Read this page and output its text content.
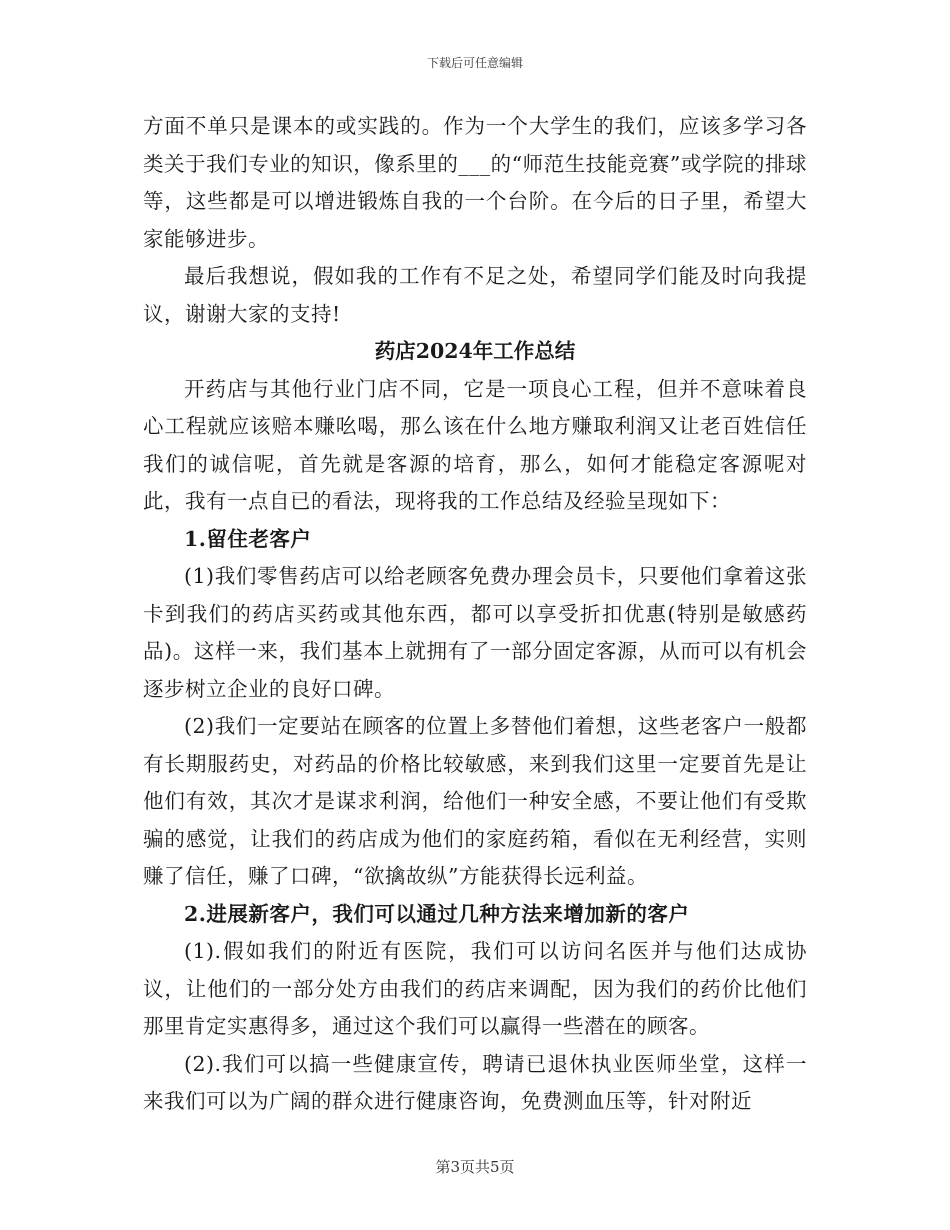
下载后可任意编辑

方面不单只是课本的或实践的。作为一个大学生的我们，应该多学习各类关于我们专业的知识，像系里的___的“师范生技能竞赛”或学院的排球等，这些都是可以增进锻炼自我的一个台阶。在今后的日子里，希望大家能够进步。

最后我想说，假如我的工作有不足之处，希望同学们能及时向我提议，谢谢大家的支持!

药店2024年工作总结

开药店与其他行业门店不同，它是一项良心工程，但并不意味着良心工程就应该赔本赚吆喝，那么该在什么地方赚取利润又让老百姓信任我们的诚信呢，首先就是客源的培育，那么，如何才能稳定客源呢对此，我有一点自已的看法，现将我的工作总结及经验呈现如下：

1.留住老客户

(1)我们零售药店可以给老顾客免费办理会员卡，只要他们拿着这张卡到我们的药店买药或其他东西，都可以享受折扣优惠(特别是敏感药品)。这样一来，我们基本上就拥有了一部分固定客源，从而可以有机会逐步树立企业的良好口碑。

(2)我们一定要站在顾客的位置上多替他们着想，这些老客户一般都有长期服药史，对药品的价格比较敏感，来到我们这里一定要首先是让他们有效，其次才是谋求利润，给他们一种安全感，不要让他们有受欺骗的感觉，让我们的药店成为他们的家庭药箱，看似在无利经营，实则赚了信任，赚了口碑，“欲擒故纵”方能获得长远利益。

2.进展新客户，我们可以通过几种方法来增加新的客户

(1).假如我们的附近有医院，我们可以访问名医并与他们达成协议，让他们的一部分处方由我们的药店来调配，因为我们的药价比他们那里肯定实惠得多，通过这个我们可以赢得一些潜在的顾客。

(2).我们可以搞一些健康宣传，聘请已退休执业医师坐堂，这样一来我们可以为广阔的群众进行健康咨询，免费测血压等，针对附近

第3页共5页
